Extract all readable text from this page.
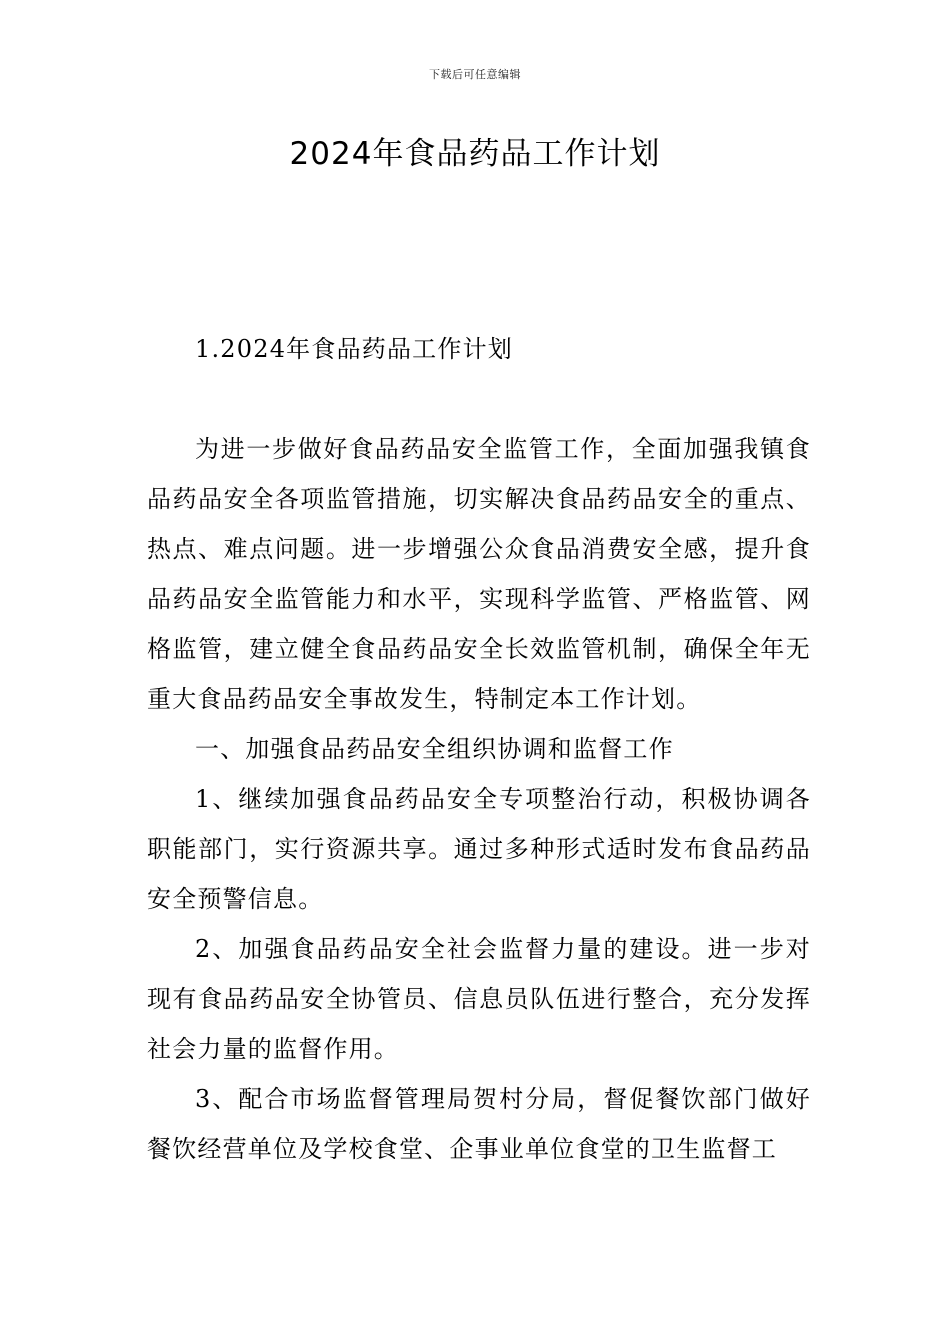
下载后可任意编辑
2024年食品药品工作计划

1.2024年食品药品工作计划

为进一步做好食品药品安全监管工作，全面加强我镇食品药品安全各项监管措施，切实解决食品药品安全的重点、热点、难点问题。进一步增强公众食品消费安全感，提升食品药品安全监管能力和水平，实现科学监管、严格监管、网格监管，建立健全食品药品安全长效监管机制，确保全年无重大食品药品安全事故发生，特制定本工作计划。

一、加强食品药品安全组织协调和监督工作

1、继续加强食品药品安全专项整治行动，积极协调各职能部门，实行资源共享。通过多种形式适时发布食品药品安全预警信息。

2、加强食品药品安全社会监督力量的建设。进一步对现有食品药品安全协管员、信息员队伍进行整合，充分发挥社会力量的监督作用。

3、配合市场监督管理局贺村分局，督促餐饮部门做好餐饮经营单位及学校食堂、企事业单位食堂的卫生监督工
